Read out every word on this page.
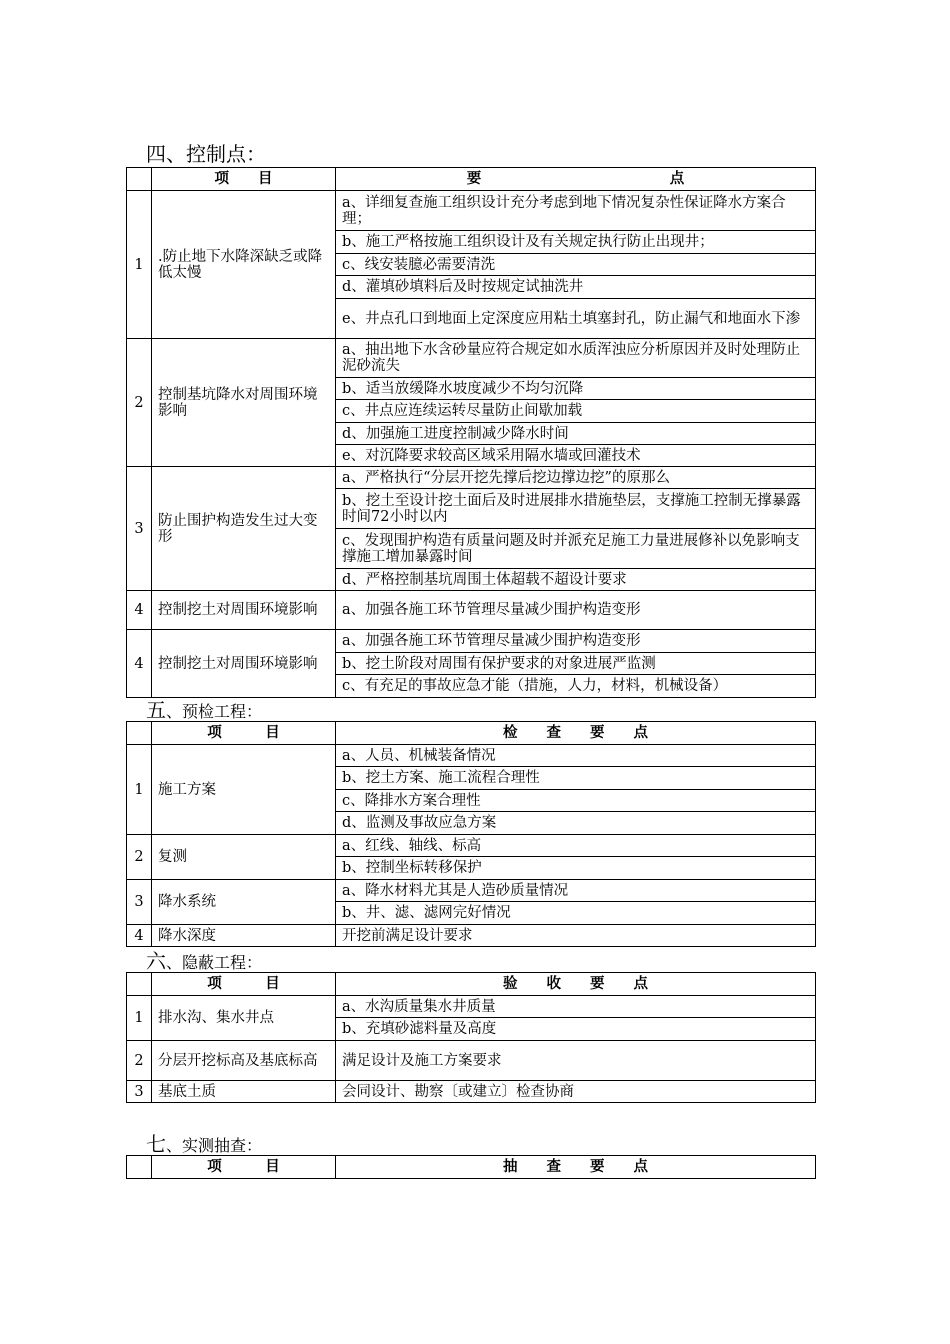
四、控制点：
	项　　目	要　　　　　　　　　　　　　点
1	.防止地下水降深缺乏或降低太慢	a、详细复查施工组织设计充分考虑到地下情况复杂性保证降水方案合理；
		b、施工严格按施工组织设计及有关规定执行防止出现井；
		c、线安装臆必需要清洗
		d、灌填砂填料后及时按规定试抽洗井
		e、井点孔口到地面上定深度应用粘土填塞封孔，防止漏气和地面水下渗
2	控制基坑降水对周围环境影响	a、抽出地下水含砂量应符合规定如水质浑浊应分析原因并及时处理防止泥砂流失
		b、适当放缓降水坡度减少不均匀沉降
		c、井点应连续运转尽量防止间歇加载
		d、加强施工进度控制减少降水时间
		e、对沉降要求较高区域采用隔水墙或回灌技术
3	防止围护构造发生过大变形	a、严格执行“分层开挖先撑后挖边撑边挖”的原那么
		b、挖土至设计挖土面后及时进展排水措施垫层，支撑施工控制无撑暴露时间72小时以内
		c、发现围护构造有质量问题及时并派充足施工力量进展修补以免影响支撑施工增加暴露时间
		d、严格控制基坑周围土体超载不超设计要求
4	控制挖土对周围环境影响	a、加强各施工环节管理尽量减少围护构造变形
4	控制挖土对周围环境影响	a、加强各施工环节管理尽量减少围护构造变形
		b、挖土阶段对周围有保护要求的对象进展严监测
		c、有充足的事故应急才能（措施，人力，材料，机械设备）
五、预检工程：
	项　　　目	检　　查　　要　　点
1	施工方案	a、人员、机械装备情况
		b、挖土方案、施工流程合理性
		c、降排水方案合理性
		d、监测及事故应急方案
2	复测	a、红线、轴线、标高
		b、控制坐标转移保护
3	降水系统	a、降水材料尤其是人造砂质量情况
		b、井、滤、滤网完好情况
4	降水深度	开挖前满足设计要求
六、隐蔽工程：
	项　　　目	验　　收　　要　　点
1	排水沟、集水井点	a、水沟质量集水井质量
		b、充填砂滤料量及高度
2	分层开挖标高及基底标高	满足设计及施工方案要求
3	基底土质	会同设计、勘察〔或建立〕检查协商
七、实测抽查：
	项　　　目	抽　　查　　要　　点
